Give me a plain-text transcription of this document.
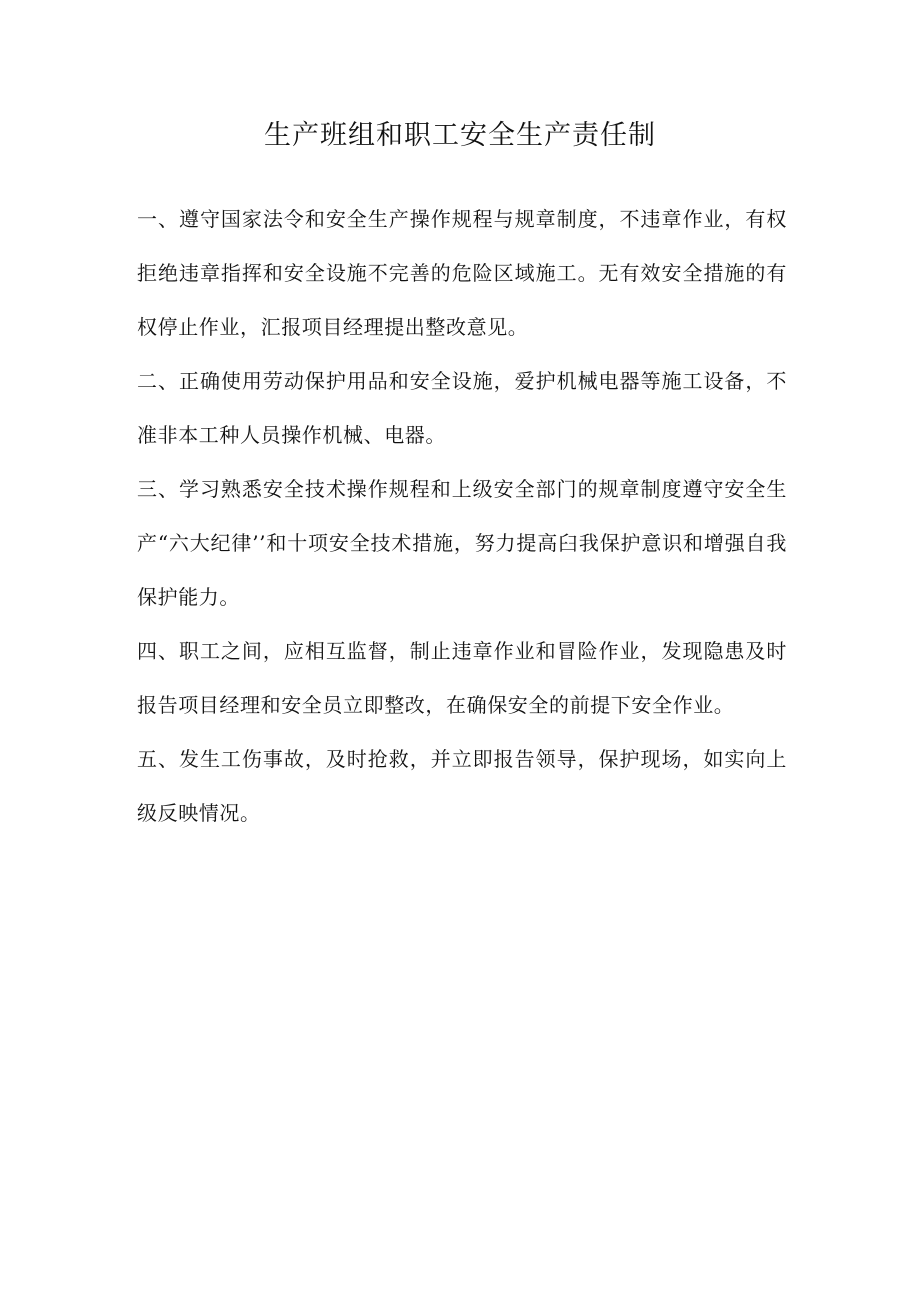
生产班组和职工安全生产责任制

一、遵守国家法令和安全生产操作规程与规章制度，不违章作业，有权拒绝违章指挥和安全设施不完善的危险区域施工。无有效安全措施的有权停止作业，汇报项目经理提出整改意见。

二、正确使用劳动保护用品和安全设施，爱护机械电器等施工设备，不准非本工种人员操作机械、电器。

三、学习熟悉安全技术操作规程和上级安全部门的规章制度遵守安全生产“六大纪律’’和十项安全技术措施，努力提高臼我保护意识和增强自我保护能力。

四、职工之间，应相互监督，制止违章作业和冒险作业，发现隐患及时报告项目经理和安全员立即整改，在确保安全的前提下安全作业。

五、发生工伤事故，及时抢救，并立即报告领导，保护现场，如实向上级反映情况。
